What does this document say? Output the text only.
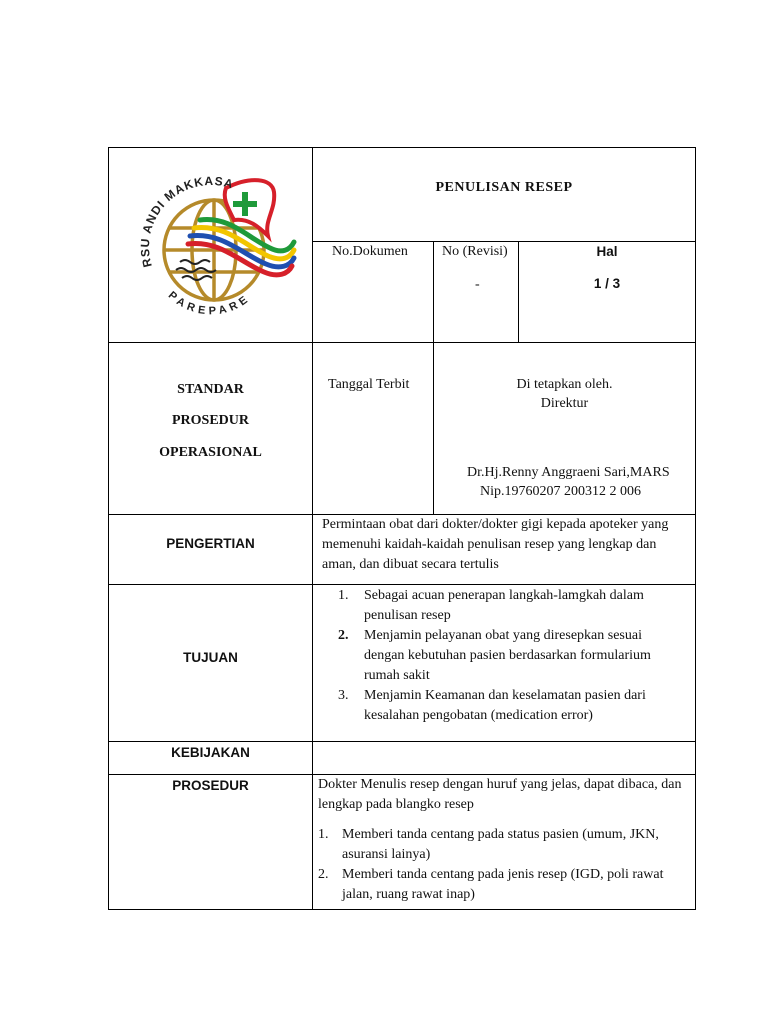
RSU ANDI MAKKASA
PAREPARE
PENULISAN RESEP
No.Dokumen No (Revisi)
-
Hal
1 / 3
STANDAR
PROSEDUR
OPERASIONAL
Tanggal Terbit	Di tetapkan oleh.
Direktur
Dr.Hj.Renny Anggraeni Sari,MARS
Nip.19760207 200312 2 006
PENGERTIAN
Permintaan obat dari dokter/dokter gigi kepada apoteker yang memenuhi kaidah-kaidah penulisan resep yang lengkap dan aman, dan dibuat secara tertulis
TUJUAN
1. Sebagai acuan penerapan langkah-lamgkah dalam penulisan resep
2. Menjamin pelayanan obat yang diresepkan sesuai dengan kebutuhan pasien berdasarkan formularium rumah sakit
3. Menjamin Keamanan dan keselamatan pasien dari kesalahan pengobatan (medication error)
KEBIJAKAN
PROSEDUR	Dokter Menulis resep dengan huruf yang jelas, dapat dibaca, dan lengkap pada blangko resep
1. Memberi tanda centang pada status pasien (umum, JKN, asuransi lainya)
2. Memberi tanda centang pada jenis resep (IGD, poli rawat jalan, ruang rawat inap)
